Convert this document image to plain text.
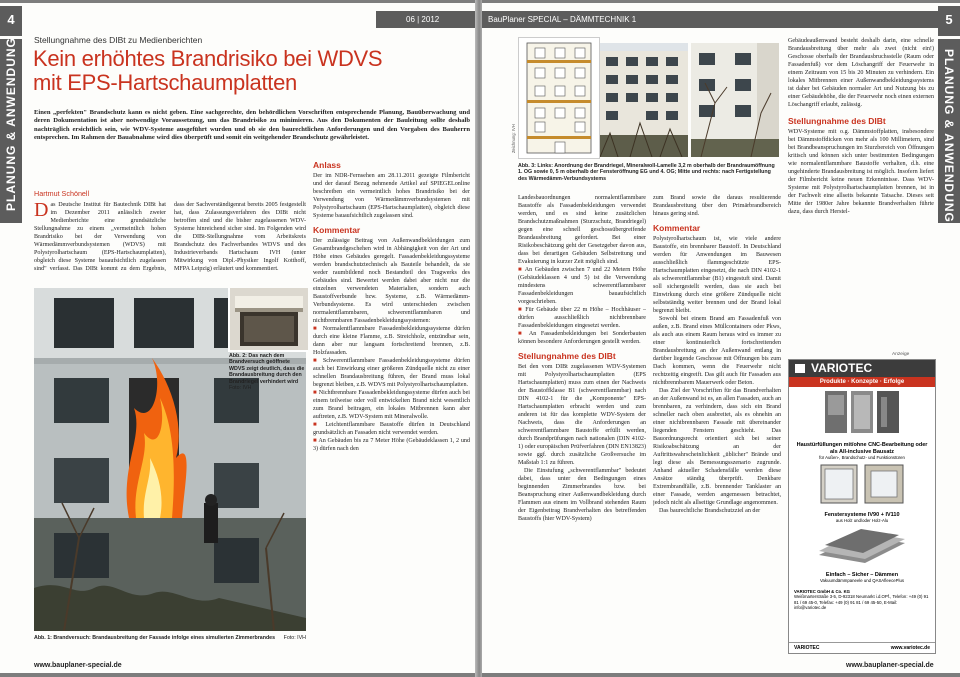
4	06 | 2012
PLANUNG & ANWENDUNG Stellungnahme des DIBt zu Medienberichten
Kein erhöhtes Brandrisiko bei WDVS
mit EPS-Hartschaumplatten
Einen „perfekten" Brandschutz kann es nicht geben. Eine sachgerechte, den behördlichen Vorschriften entsprechende Planung, Bauüberwachung und deren Dokumentation ist aber notwendige Voraussetzung, um das Brandrisiko zu minimieren. Aus den Dokumenten der Bauleitung sollte deshalb nachträglich ersichtlich sein, wie WDV-Systeme ausgeführt wurden und ob sie den baurechtlichen Anforderungen und den Vorgaben des Bauherrn entsprechen. Im Rahmen der Bauabnahme wird dies überprüft und somit ein weitgehender Brandschutz gewährleistet.
Hartmut Schönell
Das Deutsche Institut für Bautechnik DIBt hat im Dezember 2011 anlässlich zweier Medienberichte eine grundsätzliche Stellungnahme zu einem „vermeintlich hohen Brandrisiko bei der Verwendung von Wärmedämmverbundsystemen (WDVS) mit Polystyrolhartschaum (EPS-Hartschaumplatten), obgleich diese Systeme bauaufsichtlich zugelassen sind" verfasst. Das DIBt kommt zu dem Ergebnis, dass der Sachverständigenrat bereits 2005 festgestellt hat, dass Zulassungsverfahren des DIBt nicht betroffen sind und die bisher zugelassenen WDV-Systeme hinreichend sicher sind. Im Folgenden wird die DIBt-Stellungnahme vom Arbeitskreis Brandschutz des Fachverbandes WDVS und des Industrieverbands Hartschaum IVH (unter Mitwirkung von Dipl.-Physiker Ingolf Kotthoff, MFPA Leipzig) erläutert und kommentiert.
Abb. 2: Das nach dem Brandversuch geöffnete WDVS zeigt deutlich, dass die Brandausbreitung durch den Brandriegel verhindert wird Foto: IVH
Abb. 1: Brandversuch: Brandausbreitung der Fassade infolge eines simulierten Zimmerbrandes Foto: IVH
Anlass

Der im NDR-Fernsehen am 28.11.2011 gezeigte Filmbericht und der darauf Bezug nehmende Artikel auf SPIEGELonline beschreiben ein vermeintlich hohes Brandrisiko bei der Verwendung von Wärmedämmverbundsystemen mit Polystyrolhartschaum (EPS-Hartschaumplatten), obgleich diese Systeme bauaufsichtlich zugelassen sind.

Kommentar

Der zulässige Beitrag von Außenwandbekleidungen zum Gesamtbrandgeschehen wird in Abhängigkeit von der Art und Höhe eines Gebäudes geregelt. Fassadenbekleidungssysteme werden brandschutztechnisch als Bauteile behandelt, da sie weder raumbildend noch Bestandteil des Tragwerks des Gebäudes sind. Bewertet werden dabei aber nicht nur die einzelnen verwendeten Materialien, sondern auch Baustoffverbunde bzw. Systeme, z.B. Wärmedämm-Verbundsysteme. Es wird unterschieden zwischen normalentflammbaren, schwerentflammbaren und nichtbrennbaren Fassadenbekleidungssystemen:

■ Normalentflammbare Fassadenbekleidungssysteme dürfen durch eine kleine Flamme, z.B. Streichholz, entzündbar sein, dann aber nur langsam fortschreitend brennen, z.B. Holzfassaden.

■ Schwerentflammbare Fassadenbekleidungssysteme dürfen auch bei Einwirkung einer größeren Zündquelle nicht zu einer schnellen Brandausbreitung führen, der Brand muss lokal begrenzt bleiben, z.B. WDVS mit Polystyrolhartschaumplatten.

■ Nichtbrennbare Fassadenbekleidungssysteme dürfen auch bei einem teilweise oder voll entwickelten Brand nicht wesentlich zum Brand beitragen, ein lokales Mitbrennen kann aber auftreten, z.B. WDV-System mit Mineralwolle.

■ Leichtentflammbare Baustoffe dürfen in Deutschland grundsätzlich an Fassaden nicht verwendet werden.

■ An Gebäuden bis zu 7 Meter Höhe (Gebäudeklassen 1, 2 und 3) dürfen nach den

www.bauplaner-special.de
BauPlaner SPECIAL – DÄMMTECHNIK 1	5
PLANUNG & ANWENDUNG
Zeichnung: IVH
Abb. 3: Links: Anordnung der Brandriegel, Mineralwoll-Lamelle 3,2 m oberhalb der Brandraumöffnung 1. OG sowie 0, 5 m oberhalb der Fensteröffnung EG und 4. OG; Mitte und rechts: nach Fertigstellung des Wärmedämm-Verbundsystems

Landesbauordnungen normalentflammbare Baustoffe als Fassadenbekleidungen verwendet werden, und es sind keine zusätzlichen Brandschutzmaßnahmen (Sturzschutz, Brandriegel) gegen eine schnell geschossübergreifende Brandausbreitung gefordert. Bei einer Risikobeschätzung geht der Gesetzgeber davon aus, dass bei derartigen Gebäuden Selbstrettung und Evakuierung in kurzer Zeit möglich sind.

■ An Gebäuden zwischen 7 und 22 Metern Höhe (Gebäudeklassen 4 und 5) ist die Verwendung mindestens schwerentflammbarer Fassadenbekleidungen bauaufsichtlich vorgeschrieben.

■ Für Gebäude über 22 m Höhe – Hochhäuser – dürfen ausschließlich nichtbrennbare Fassadenbekleidungen eingesetzt werden.

■ An Fassadenbekleidungen bei Sonderbauten können besondere Anforderungen gestellt werden.

Stellungnahme des DIBt

Bei den vom DIBt zugelassenen WDV-Systemen mit Polystyrolhartschaumplatten (EPS Hartschaumplatten) muss zum einen der Nachweis der Baustoffklasse B1 (schwerentflammbar) nach DIN 4102-1 für die „Komponente" EPS-Hartschaumplatten erbracht werden und zum anderen ist für das komplette WDV-System der Nachweis, dass die Anforderungen an schwerentflammbare Baustoffe erfüllt werden, durch Brandprüfungen nach nationalen (DIN 4102-1) oder europäischen Prüfverfahren (DIN EN13823) sowie ggf. durch zusätzliche Großversuche im Maßstab 1:1 zu führen.

Die Einstufung „schwerentflammbar" bedeutet dabei, dass unter den Bedingungen eines beginnenden Zimmerbrandes bzw. bei Beanspruchung einer Außenwandbekleidung durch Flammen aus einem im Vollbrand stehenden Raum der Eigenbeitrag Brandverhalten des betreffenden Baustoffs (hier WDV-System)

zum Brand sowie die daraus resultierende Brandausbreitung über den Primärbrandbereich hinaus gering sind.

Kommentar

Polystyrolhartschaum ist, wie viele andere Baustoffe, ein brennbarer Baustoff. In Deutschland werden für Anwendungen im Bauwesen ausschließlich flammgeschützte EPS-Hartschaumplatten eingesetzt, die nach DIN 4102-1 als schwerentflammbar (B1) eingestuft sind. Damit soll sichergestellt werden, dass sie auch bei Einwirkung durch eine größere Zündquelle nicht selbstständig weiter brennen und der Brand lokal begrenzt bleibt.

Sowohl bei einem Brand am Fassadenfuß von außen, z.B. Brand eines Müllcontainers oder Pkws, als auch aus einem Raum heraus wird es immer zu einer kontinuierlich fortschreitenden Brandausbreitung an der Außenwand entlang in darüber liegende Geschosse mit Öffnungen bis zum Dach kommen, wenn die Feuerwehr nicht rechtzeitig eingreift. Das gilt auch für Fassaden aus nichtbrennbarem Mauerwerk oder Beton.

Das Ziel der Vorschriften für das Brandverhalten an der Außenwand ist es, an allen Fassaden, auch an brennbaren, zu verhindern, dass sich ein Brand schneller nach oben ausbreitet, als es ohnehin an einer nichtbrennbaren Fassade mit übereinander liegenden Fenstern geschieht. Das Bauordnungsrecht orientiert sich bei seiner Risikoabschätzung an der Auftrittswahrscheinlichkeit „üblicher" Brände und legt diese als Bemessungsszenario zugrunde. Anhand aktueller Schadensfälle werden diese Ansätze ständig überprüft. Denkbare Extrembrandfälle, z.B. brennender Tanklaster an einer Fassade, werden angemessen betrachtet, jedoch nicht als allseitige Grundlage angenommen.

Das baurechtliche Brandschutzziel an der

Gebäudeaußenwand besteht deshalb darin, eine schnelle Brandausbreitung über mehr als zwei (nicht ein!) Geschosse oberhalb der Brandausbruchsstelle (Raum oder Fassadenfuß) vor dem Löschangriff der Feuerwehr in einem Zeitraum von 15 bis 20 Minuten zu verhindern. Ein lokales Mitbrennen einer Außenwandbekleidungssystems ist daher bei Gebäuden normaler Art und Nutzung bis zu einer Gebäudehöhe, die der Feuerwehr noch einen externen Löschangriff erlaubt, zulässig.

Stellungnahme des DIBt

WDV-Systeme mit o.g. Dämmstoffplatten, insbesondere bei Dämmstoffdicken von mehr als 100 Millimetern, sind bei Brandbeanspruchungen im Sturzbereich von Öffnungen kritisch und können sich unter bestimmten Bedingungen wie normalentflammbare Baustoffe verhalten, d.h. eine ungehinderte Brandausbreitung ist möglich. Insofern liefert der Filmbericht keine neuen Erkenntnisse. Dass WDV-Systeme mit Polystyrolhartschaumplatten brennen, ist in der Fachwelt eine allseits bekannte Tatsache. Dieses seit Mitte der 1980er Jahre bekannte Brandverhalten führte dazu, dass durch Herstel-

Anzeige
VARIOTEC
Produkte · Konzepte · Erfolge
Haustürfüllungen mit/ohne CNC-Bearbeitung oder als All-inclusive Bausatz
für Außen-, Brandschutz- und Funktionstüren
Fenstersysteme IV90 + IV110
aus Holz und/oder Holz-Alu
Einfach – Sicher – Dämmen
Vakuumdämmpaneele und QASAfleecePlus
VARIOTEC GmbH & Co. KG
Weißmarterstraße 3-5, D-92318 Neumarkt i.d.OPf., Telefon: +49 (0) 91 81 / 69 45-0, Telefax: +49 (0) 91 81 / 69 45-50, E-Mail: info@variotec.de
VARIOTEC	www.variotec.de
www.bauplaner-special.de
